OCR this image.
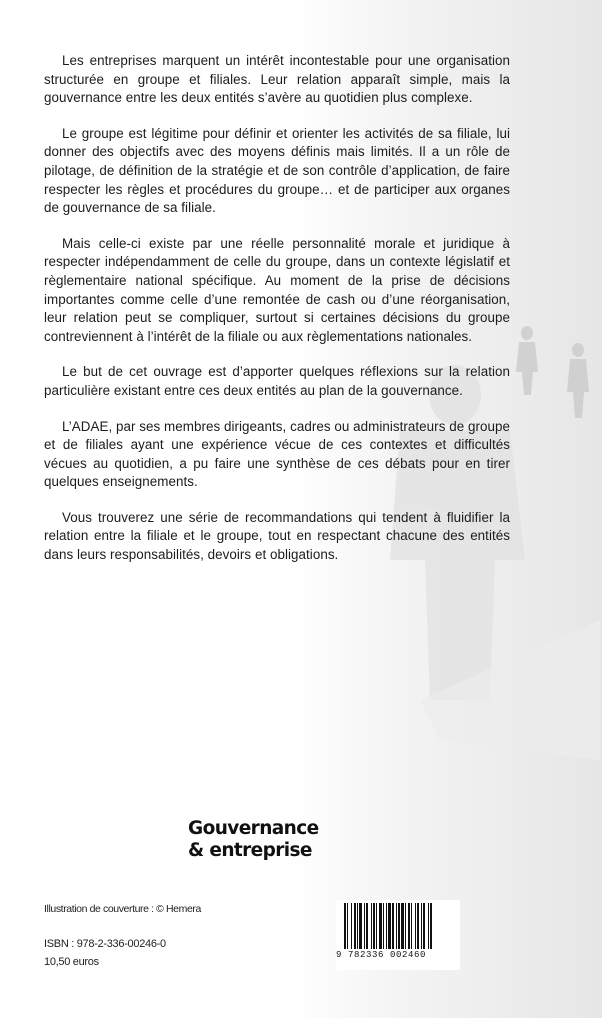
Les entreprises marquent un intérêt incontestable pour une organisation structurée en groupe et filiales. Leur relation apparaît simple, mais la gouvernance entre les deux entités s’avère au quotidien plus complexe.

Le groupe est légitime pour définir et orienter les activités de sa filiale, lui donner des objectifs avec des moyens définis mais limités. Il a un rôle de pilotage, de définition de la stratégie et de son contrôle d’application, de faire respecter les règles et procédures du groupe… et de participer aux organes de gouvernance de sa filiale.

Mais celle-ci existe par une réelle personnalité morale et juridique à respecter indépendamment de celle du groupe, dans un contexte législatif et règlementaire national spécifique. Au moment de la prise de décisions importantes comme celle d’une remontée de cash ou d’une réorganisation, leur relation peut se compliquer, surtout si certaines décisions du groupe contreviennent à l’intérêt de la filiale ou aux règlementations nationales.

Le but de cet ouvrage est d’apporter quelques réflexions sur la relation particulière existant entre ces deux entités au plan de la gouvernance.

L’ADAE, par ses membres dirigeants, cadres ou administrateurs de groupe et de filiales ayant une expérience vécue de ces contextes et difficultés vécues au quotidien, a pu faire une synthèse de ces débats pour en tirer quelques enseignements.

Vous trouverez une série de recommandations qui tendent à fluidifier la relation entre la filiale et le groupe, tout en respectant chacune des entités dans leurs responsabilités, devoirs et obligations.

Gouvernance
& entreprise
Illustration de couverture : © Hemera
ISBN : 978-2-336-00246-0
10,50 euros
9 782336 002460
